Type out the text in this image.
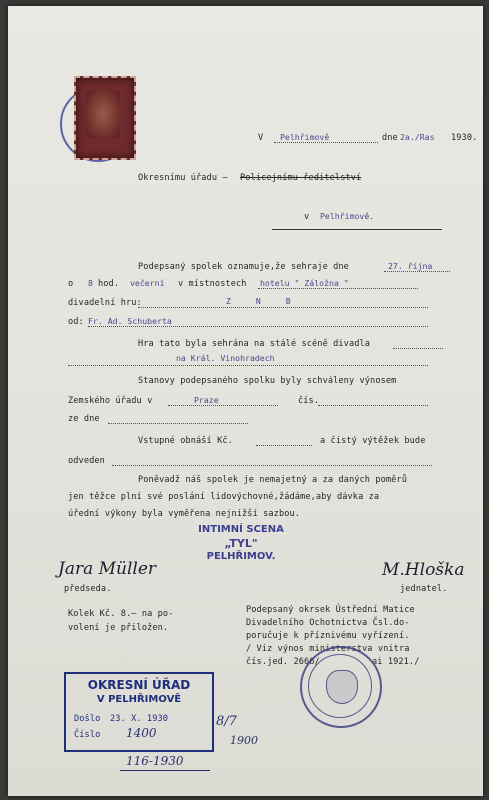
V Pelhřimově	dne 2a./Ras 1930.
Okresnímu úřadu – Policejnímu ředitelství
v Pelhřimově.
Podepsaný spolek oznamuje,že sehraje dne	27. října
o 8 hod. večerní v místnostech hotelu " Záložna "
divadelní hru:	Z N B
od: Fr. Ad. Schuberta
Hra tato byla sehrána na stálé scéně divadla
na Král. Vinohradech
Stanovy podepsaného spolku byly schváleny výnosem
Zemského úřadu v	Praze	čís.
ze dne
Vstupné obnáší Kč.	a čistý výtěžek bude
odveden
Poněvadž náš spolek je nemajetný a za daných poměrů
jen těžce plní své poslání lidovýchovné,žádáme,aby dávka za
úřední výkony byla vyměřena nejnižší sazbou.
INTIMNÍ SCENA
„TYL"
PELHŘIMOV.
Jara Müller
předseda.
M.Hloška
jednatel.
Kolek Kč. 8.– na po-
volení je přiložen.
Podepsaný okrsek Ústřední Matice
Divadelního Ochotnictva Čsl.do-
poručuje k příznivému vyřízení.
/ Viz výnos ministerstva vnitra
čís.jed. 2666/	ai 1921./
OKRESNÍ ÚŘAD
V PELHŘIMOVĚ
Došlo 23. X. 1930
Číslo 1400
8/7
1900
116-1930
